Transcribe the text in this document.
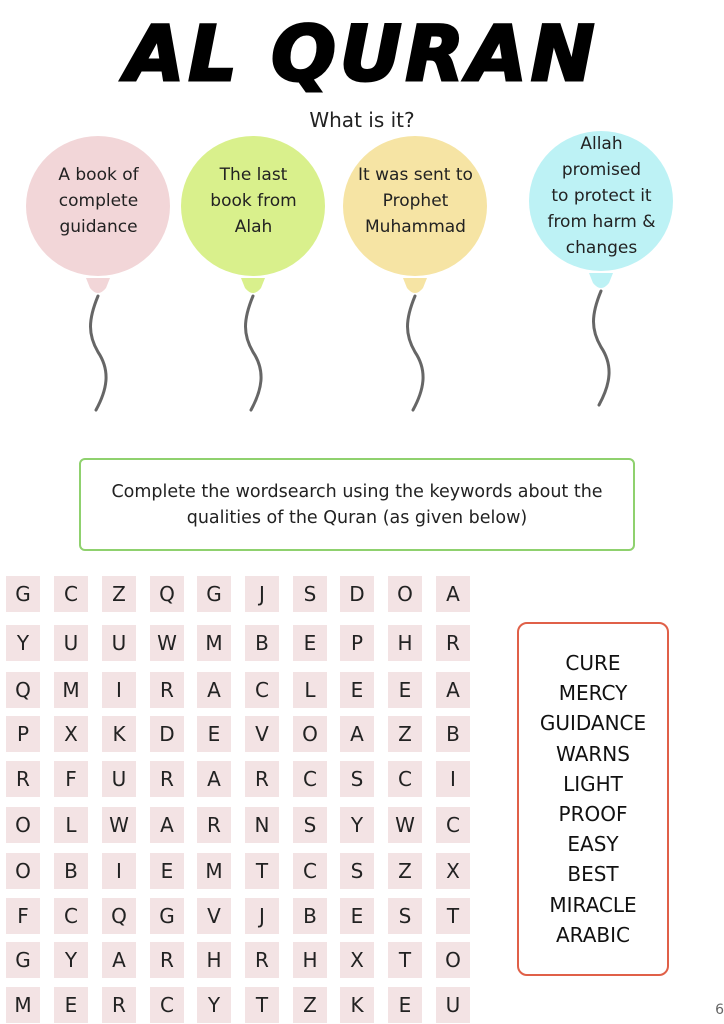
AL QURAN
What is it?
A book of
complete
guidance
The last
book from
Alah
It was sent to
Prophet
Muhammad
Allah promised
to protect it
from harm &
changes
Complete the wordsearch using the keywords about the qualities of the Quran (as given below)
G	C	Z	Q	G	J	S	D	O	A
Y	U	U	W	M	B	E	P	H	R
Q	M	I	R	A	C	L	E	E	A
P	X	K	D	E	V	O	A	Z	B
R	F	U	R	A	R	C	S	C	I
O	L	W	A	R	N	S	Y	W	C
O	B	I	E	M	T	C	S	Z	X
F	C	Q	G	V	J	B	E	S	T
G	Y	A	R	H	R	H	X	T	O
M	E	R	C	Y	T	Z	K	E	U
CURE
MERCY
GUIDANCE
WARNS
LIGHT
PROOF
EASY
BEST
MIRACLE
ARABIC
6
